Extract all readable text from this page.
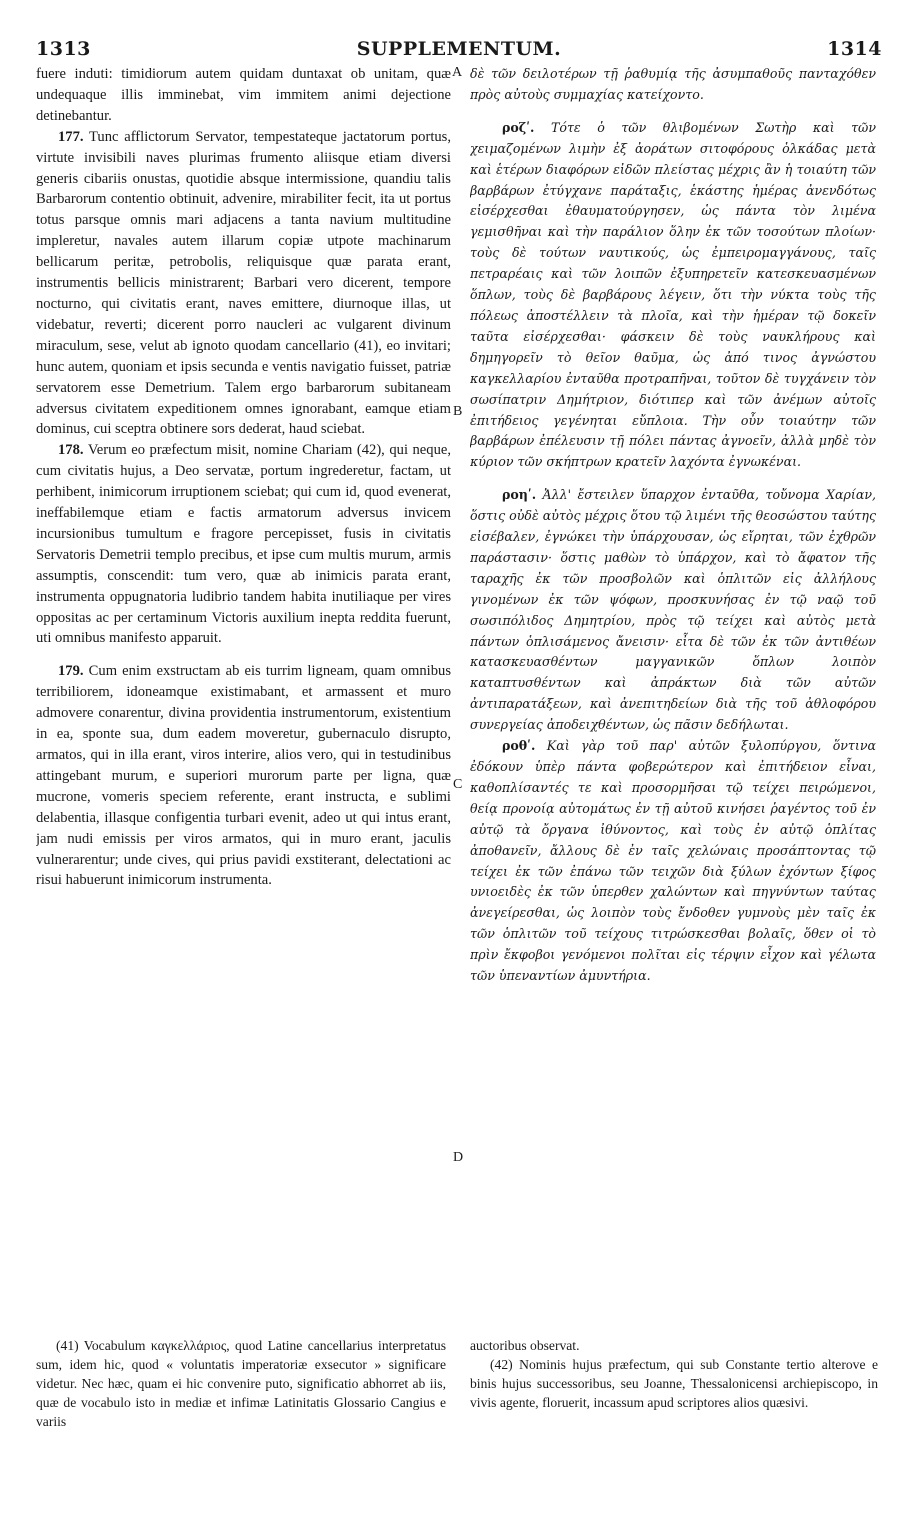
SUPPLEMENTUM.
1313	1314
A
B
C
D

fuere induti: timidiorum autem quidam duntaxat ob unitam, quæ undequaque illis imminebat, vim immitem animi dejectione detinebantur.

177. Tunc afflictorum Servator, tempestateque jactatorum portus, virtute invisibili naves plurimas frumento aliisque etiam diversi generis cibariis onustas, quotidie absque intermissione, quandiu talis Barbarorum contentio obtinuit, advenire, mirabiliter fecit, ita ut portus totus parsque omnis mari adjacens a tanta navium multitudine impleretur, navales autem illarum copiæ utpote machinarum bellicarum peritæ, petrobolis, reliquisque quæ parata erant, instrumentis bellicis ministrarent; Barbari vero dicerent, tempore nocturno, qui civitatis erant, naves emittere, diurnoque illas, ut videbatur, reverti; dicerent porro naucleri ac vulgarent divinum miraculum, sese, velut ab ignoto quodam cancellario (41), eo invitari; hunc autem, quoniam et ipsis secunda e ventis navigatio fuisset, patriæ servatorem esse Demetrium. Talem ergo barbarorum subitaneam adversus civitatem expeditionem omnes ignorabant, eamque etiam dominus, cui sceptra obtinere sors dederat, haud sciebat.

178. Verum eo præfectum misit, nomine Chariam (42), qui neque, cum civitatis hujus, a Deo servatæ, portum ingrederetur, factam, ut perhibent, inimicorum irruptionem sciebat; qui cum id, quod evenerat, ineffabilemque etiam e factis armatorum adversus invicem incursionibus tumultum e fragore percepisset, fusis in civitatis Servatoris Demetrii templo precibus, et ipse cum multis murum, armis assumptis, conscendit: tum vero, quæ ab inimicis parata erant, instrumenta oppugnatoria ludibrio tandem habita inutiliaque per vires oppositas ac per certaminum Victoris auxilium inepta reddita fuerunt, uti omnibus manifesto apparuit.

179. Cum enim exstructam ab eis turrim ligneam, quam omnibus terribiliorem, idoneamque existimabant, et armassent et muro admovere conarentur, divina providentia instrumentorum, existentium in ea, sponte sua, dum eadem moveretur, gubernaculo disrupto, armatos, qui in illa erant, viros interire, alios vero, qui in testudinibus attingebant murum, e superiori murorum parte per ligna, quæ mucrone, vomeris speciem referente, erant instructa, e sublimi delabentia, illasque configentia turbari evenit, adeo ut qui intus erant, jam nudi emissis per viros armatos, qui in muro erant, jaculis vulnerarentur; unde cives, qui prius pavidi exstiterant, delectationi ac risui habuerunt inimicorum instrumenta.

δὲ τῶν δειλοτέρων τῇ ῥαθυμίᾳ τῆς ἀσυμπαθοῦς πανταχόθεν πρὸς αὐτοὺς συμμαχίας κατείχοντο.

ροζʹ. Τότε ὁ τῶν θλιβομένων Σωτὴρ καὶ τῶν χειμαζομένων λιμὴν ἐξ ἀοράτων σιτοφόρους ὁλκάδας μετὰ καὶ ἑτέρων διαφόρων εἰδῶν πλείστας μέχρις ἂν ἡ τοιαύτη τῶν βαρβάρων ἐτύγχανε παράταξις, ἑκάστης ἡμέρας ἀνενδότως εἰσέρχεσθαι ἐθαυματούργησεν, ὡς πάντα τὸν λιμένα γεμισθῆναι καὶ τὴν παράλιον ὅλην ἐκ τῶν τοσούτων πλοίων· τοὺς δὲ τούτων ναυτικούς, ὡς ἐμπειρομαγγάνους, ταῖς πετραρέαις καὶ τῶν λοιπῶν ἐξυπηρετεῖν κατεσκευασμένων ὅπλων, τοὺς δὲ βαρβάρους λέγειν, ὅτι τὴν νύκτα τοὺς τῆς πόλεως ἀποστέλλειν τὰ πλοῖα, καὶ τὴν ἡμέραν τῷ δοκεῖν ταῦτα εἰσέρχεσθαι· φάσκειν δὲ τοὺς ναυκλήρους καὶ δημηγορεῖν τὸ θεῖον θαῦμα, ὡς ἀπό τινος ἀγνώστου καγκελλαρίου ἐνταῦθα προτραπῆναι, τοῦτον δὲ τυγχάνειν τὸν σωσίπατριν Δημήτριον, διότιπερ καὶ τῶν ἀνέμων αὐτοῖς ἐπιτήδειος γεγένηται εὔπλοια. Τὴν οὖν τοιαύτην τῶν βαρβάρων ἐπέλευσιν τῇ πόλει πάντας ἀγνοεῖν, ἀλλὰ μηδὲ τὸν κύριον τῶν σκήπτρων κρατεῖν λαχόντα ἐγνωκέναι.

ροηʹ. Ἀλλ' ἔστειλεν ὕπαρχον ἐνταῦθα, τοὔνομα Χαρίαν, ὅστις οὐδὲ αὐτὸς μέχρις ὅτου τῷ λιμένι τῆς θεοσώστου ταύτης εἰσέβαλεν, ἐγνώκει τὴν ὑπάρχουσαν, ὡς εἴρηται, τῶν ἐχθρῶν παράστασιν· ὅστις μαθὼν τὸ ὑπάρχον, καὶ τὸ ἄφατον τῆς ταραχῆς ἐκ τῶν προσβολῶν καὶ ὁπλιτῶν εἰς ἀλλήλους γινομένων ἐκ τῶν ψόφων, προσκυνήσας ἐν τῷ ναῷ τοῦ σωσιπόλιδος Δημητρίου, πρὸς τῷ τείχει καὶ αὐτὸς μετὰ πάντων ὁπλισάμενος ἄνεισιν· εἶτα δὲ τῶν ἐκ τῶν ἀντιθέων κατασκευασθέντων μαγγανικῶν ὅπλων λοιπὸν καταπτυσθέντων καὶ ἀπράκτων διὰ τῶν αὐτῶν ἀντιπαρατάξεων, καὶ ἀνεπιτηδείων διὰ τῆς τοῦ ἀθλοφόρου συνεργείας ἀποδειχθέντων, ὡς πᾶσιν δεδήλωται.

ροθʹ. Καὶ γὰρ τοῦ παρ' αὐτῶν ξυλοπύργου, ὅντινα ἐδόκουν ὑπὲρ πάντα φοβερώτερον καὶ ἐπιτήδειον εἶναι, καθοπλίσαντές τε καὶ προσορμῆσαι τῷ τείχει πειρώμενοι, θείᾳ προνοίᾳ αὐτομάτως ἐν τῇ αὐτοῦ κινήσει ῥαγέντος τοῦ ἐν αὐτῷ τὰ ὄργανα ἰθύνοντος, καὶ τοὺς ἐν αὐτῷ ὁπλίτας ἀποθανεῖν, ἄλλους δὲ ἐν ταῖς χελώναις προσάπτοντας τῷ τείχει ἐκ τῶν ἐπάνω τῶν τειχῶν διὰ ξύλων ἐχόντων ξίφος υνιοειδὲς ἐκ τῶν ὑπερθεν χαλώντων καὶ πηγνύντων ταύτας ἀνεγείρεσθαι, ὡς λοιπὸν τοὺς ἔνδοθεν γυμνοὺς μὲν ταῖς ἐκ τῶν ὁπλιτῶν τοῦ τείχους τιτρώσκεσθαι βολαῖς, ὅθεν οἱ τὸ πρὶν ἔκφοβοι γενόμενοι πολῖται εἰς τέρψιν εἶχον καὶ γέλωτα τῶν ὑπεναντίων ἀμυντήρια.

(41) Vocabulum καγκελλάριος, quod Latine cancellarius interpretatus sum, idem hic, quod « voluntatis imperatoriæ exsecutor » significare videtur. Nec hæc, quam ei hic convenire puto, significatio abhorret ab iis, quæ de vocabulo isto in mediæ et infimæ Latinitatis Glossario Cangius e variis

auctoribus observat.

(42) Nominis hujus præfectum, qui sub Constante tertio alterove e binis hujus successoribus, seu Joanne, Thessalonicensi archiepiscopo, in vivis agente, floruerit, incassum apud scriptores alios quæsivi.
